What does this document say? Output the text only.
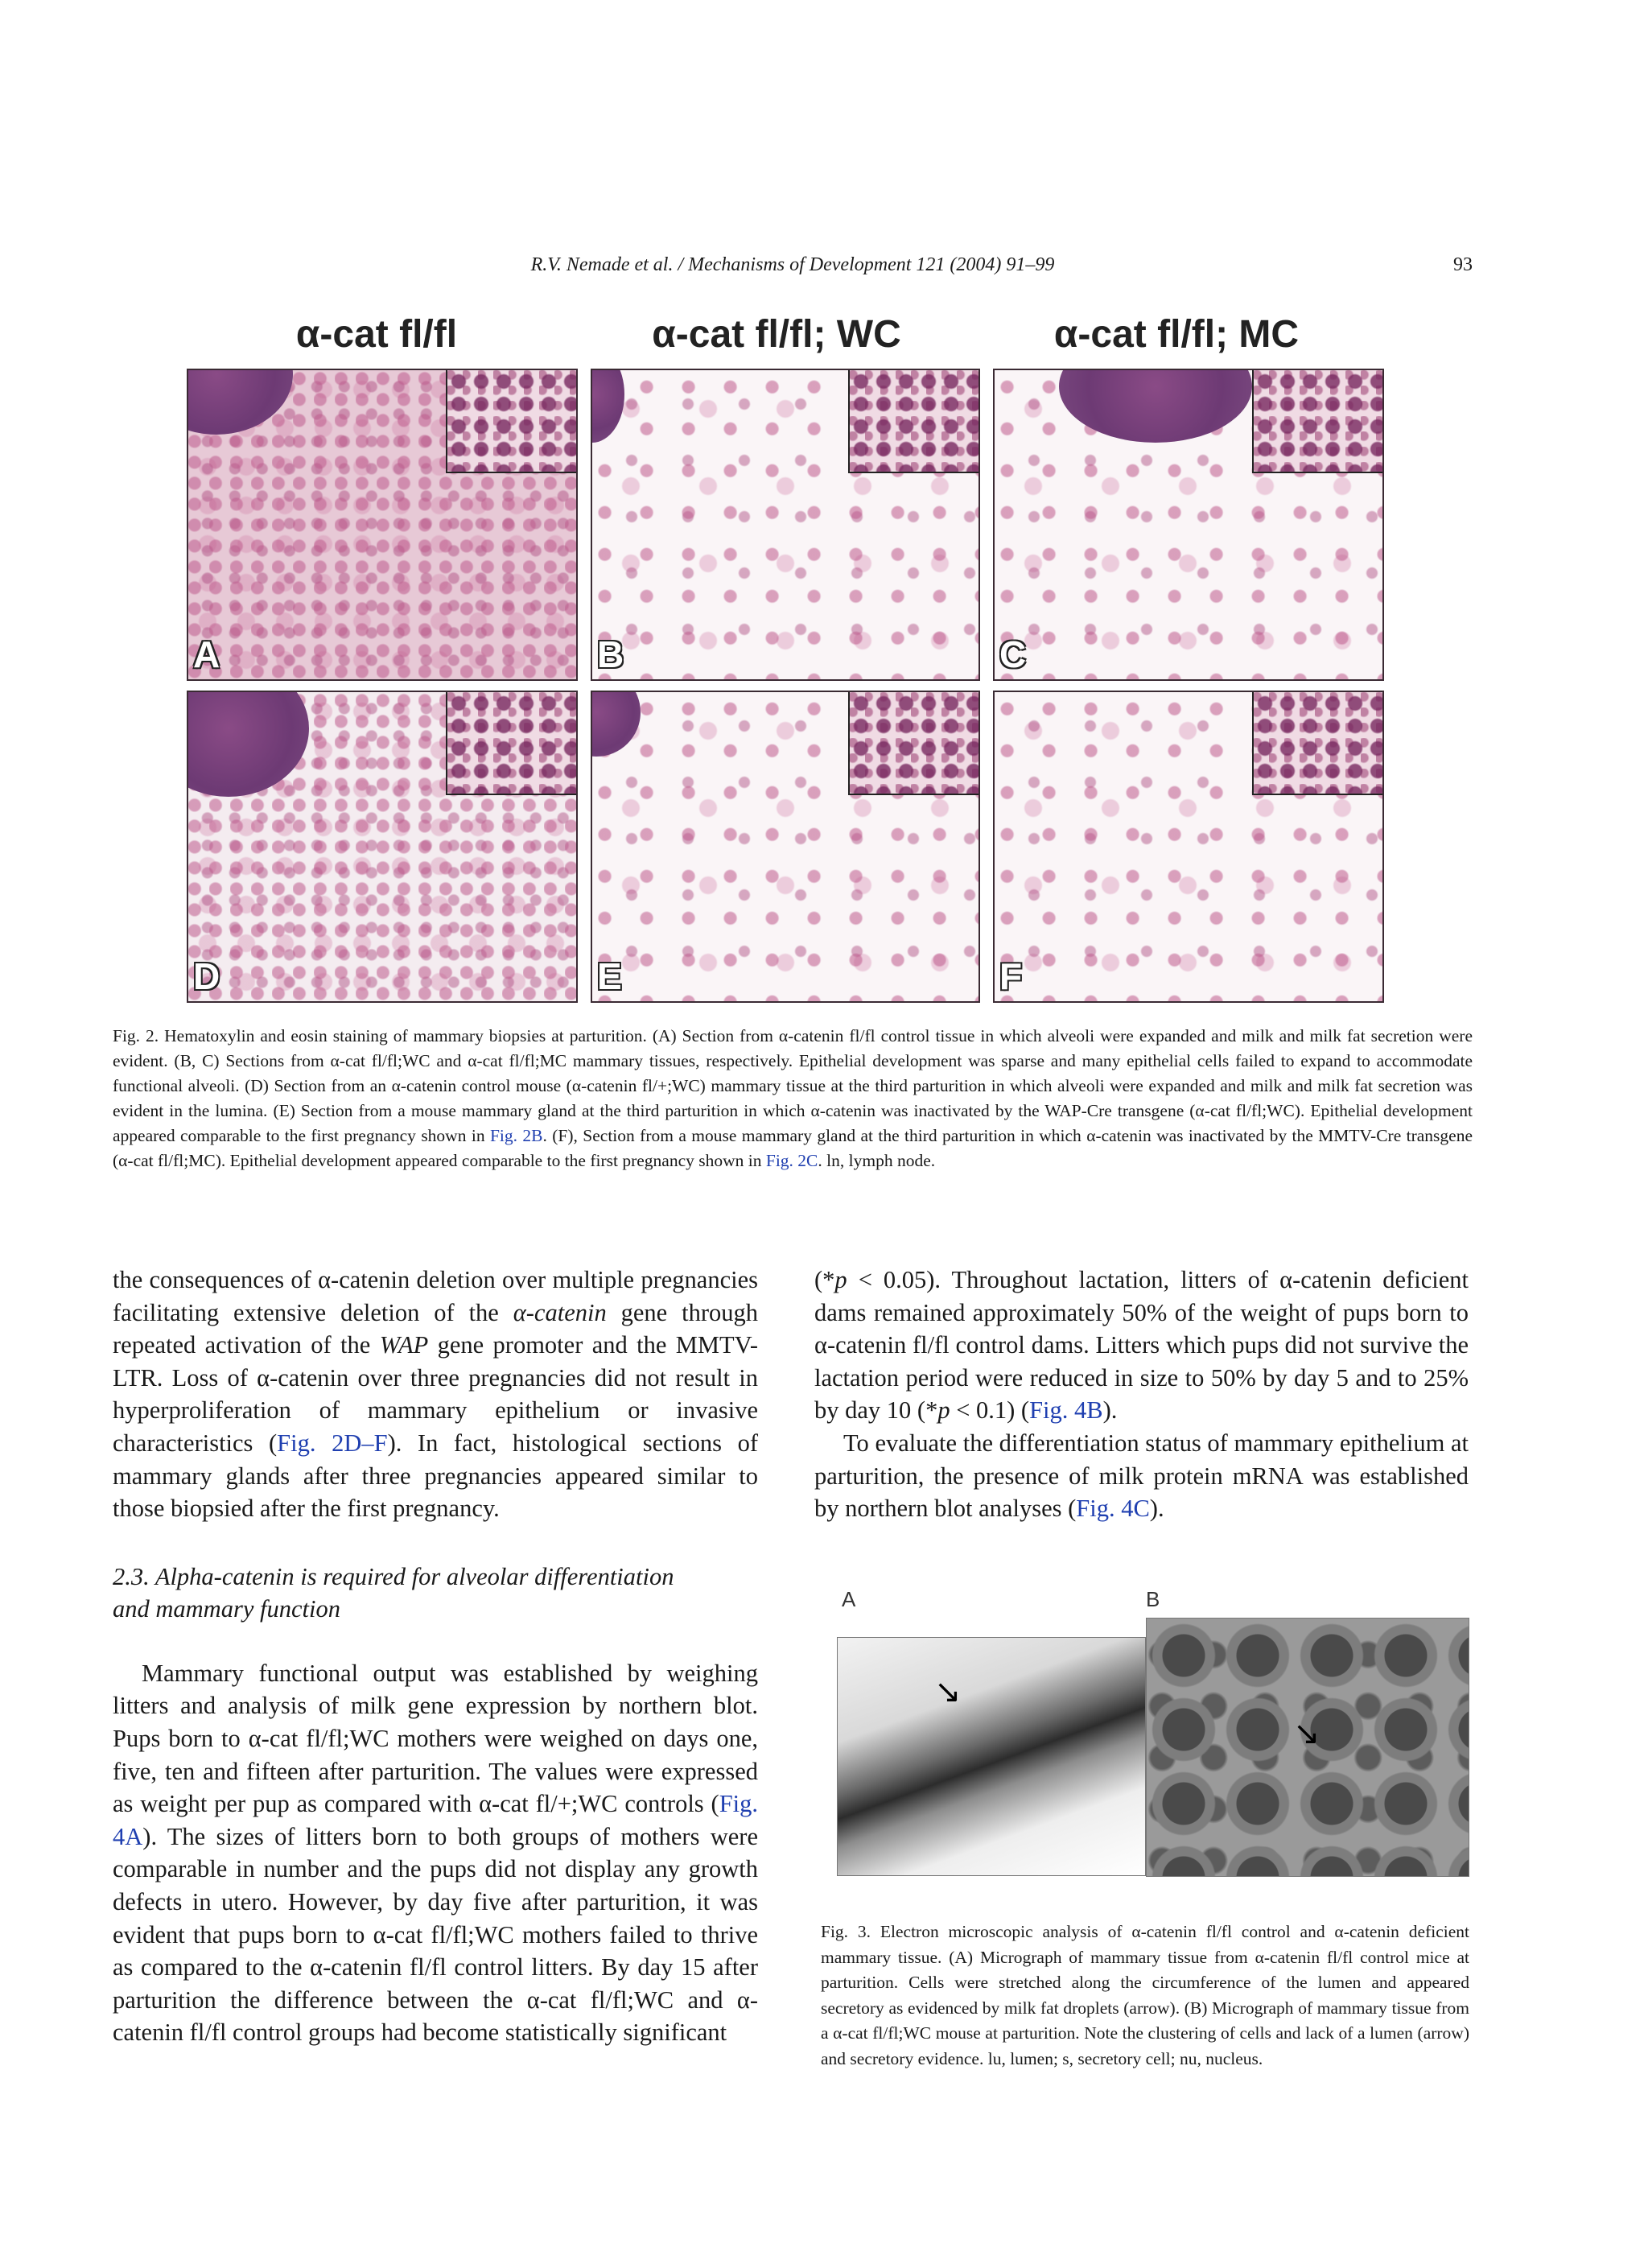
R.V. Nemade et al. / Mechanisms of Development 121 (2004) 91–99	93
α-cat fl/fl	α-cat fl/fl; WC	α-cat fl/fl; MC
A	B	C
D	E	F
Fig. 2. Hematoxylin and eosin staining of mammary biopsies at parturition. (A) Section from α-catenin fl/fl control tissue in which alveoli were expanded and milk and milk fat secretion were evident. (B, C) Sections from α-cat fl/fl;WC and α-cat fl/fl;MC mammary tissues, respectively. Epithelial development was sparse and many epithelial cells failed to expand to accommodate functional alveoli. (D) Section from an α-catenin control mouse (α-catenin fl/+;WC) mammary tissue at the third parturition in which alveoli were expanded and milk and milk fat secretion was evident in the lumina. (E) Section from a mouse mammary gland at the third parturition in which α-catenin was inactivated by the WAP-Cre transgene (α-cat fl/fl;WC). Epithelial development appeared comparable to the first pregnancy shown in Fig. 2B. (F), Section from a mouse mammary gland at the third parturition in which α-catenin was inactivated by the MMTV-Cre transgene (α-cat fl/fl;MC). Epithelial development appeared comparable to the first pregnancy shown in Fig. 2C. ln, lymph node.

the consequences of α-catenin deletion over multiple pregnancies facilitating extensive deletion of the α-catenin gene through repeated activation of the WAP gene promoter and the MMTV-LTR. Loss of α-catenin over three pregnancies did not result in hyperproliferation of mammary epithelium or invasive characteristics (Fig. 2D–F). In fact, histological sections of mammary glands after three pregnancies appeared similar to those biopsied after the first pregnancy.

2.3. Alpha-catenin is required for alveolar differentiation
and mammary function

Mammary functional output was established by weighing litters and analysis of milk gene expression by northern blot. Pups born to α-cat fl/fl;WC mothers were weighed on days one, five, ten and fifteen after parturition. The values were expressed as weight per pup as compared with α-cat fl/+;WC controls (Fig. 4A). The sizes of litters born to both groups of mothers were comparable in number and the pups did not display any growth defects in utero. However, by day five after parturition, it was evident that pups born to α-cat fl/fl;WC mothers failed to thrive as compared to the α-catenin fl/fl control litters. By day 15 after parturition the difference between the α-cat fl/fl;WC and α-catenin fl/fl control groups had become statistically significant

(*p < 0.05). Throughout lactation, litters of α-catenin deficient dams remained approximately 50% of the weight of pups born to α-catenin fl/fl control dams. Litters which pups did not survive the lactation period were reduced in size to 50% by day 5 and to 25% by day 10 (*p < 0.1) (Fig. 4B).

To evaluate the differentiation status of mammary epithelium at parturition, the presence of milk protein mRNA was established by northern blot analyses (Fig. 4C).

A	B
↘
↘
Fig. 3. Electron microscopic analysis of α-catenin fl/fl control and α-catenin deficient mammary tissue. (A) Micrograph of mammary tissue from α-catenin fl/fl control mice at parturition. Cells were stretched along the circumference of the lumen and appeared secretory as evidenced by milk fat droplets (arrow). (B) Micrograph of mammary tissue from a α-cat fl/fl;WC mouse at parturition. Note the clustering of cells and lack of a lumen (arrow) and secretory evidence. lu, lumen; s, secretory cell; nu, nucleus.
